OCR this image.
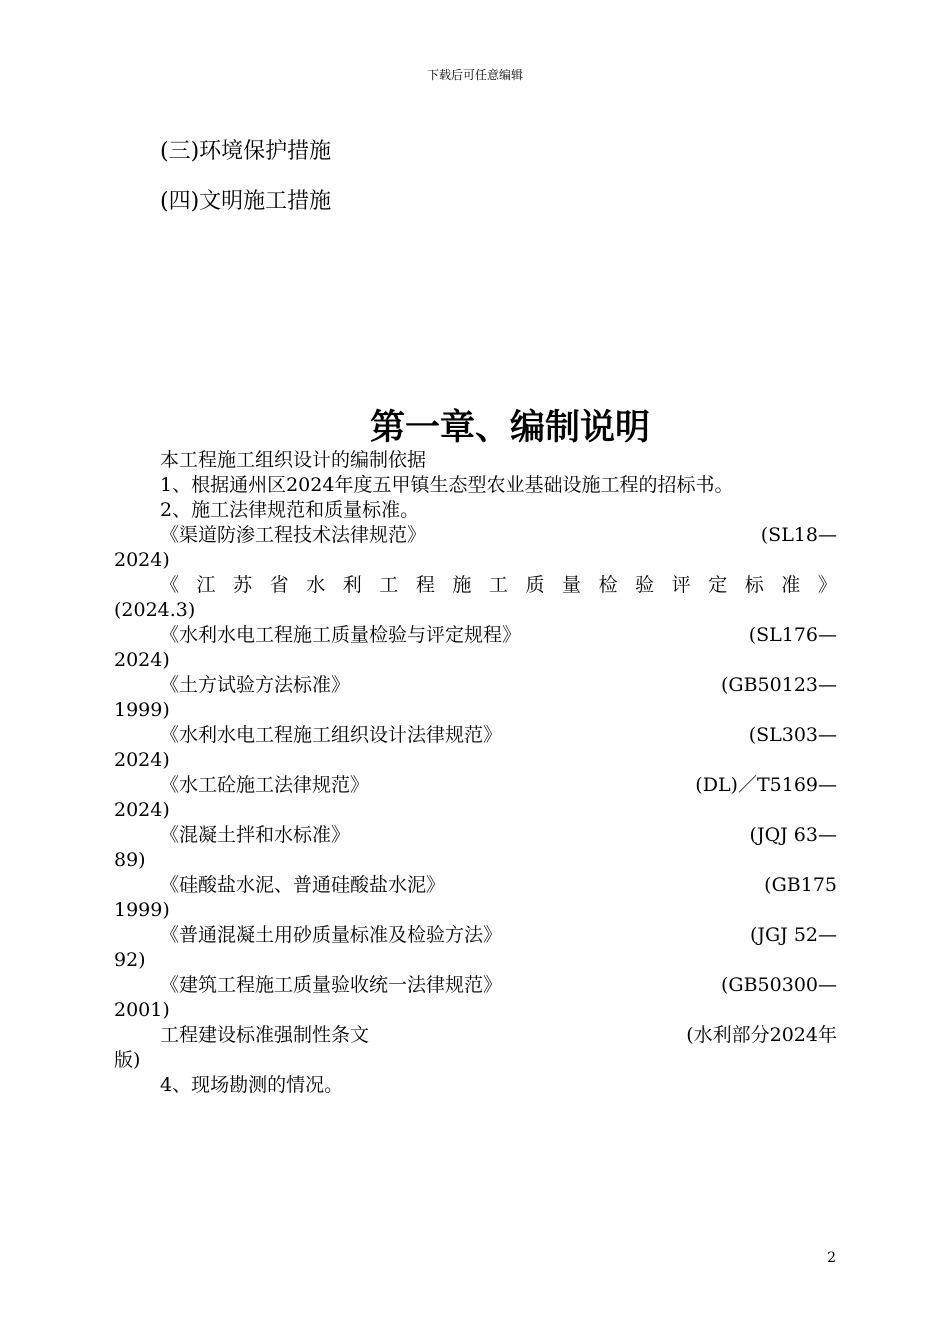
下载后可任意编辑
(三)环境保护措施
(四)文明施工措施
第一章、编制说明
本工程施工组织设计的编制依据
1、根据通州区2024年度五甲镇生态型农业基础设施工程的招标书。
2、施工法律规范和质量标准。
《渠道防渗工程技术法律规范》	(SL18—
2024)
《 江 苏 省 水 利 工 程 施 工 质 量 检 验 评 定 标 准 》
(2024.3)
《水利水电工程施工质量检验与评定规程》	(SL176—
2024)
《土方试验方法标准》	(GB50123—
1999)
《水利水电工程施工组织设计法律规范》	(SL303—
2024)
《水工砼施工法律规范》	(DL)／T5169—
2024)
《混凝土拌和水标准》	(JQJ 63—
89)
《硅酸盐水泥、普通硅酸盐水泥》	(GB175
1999)
《普通混凝土用砂质量标准及检验方法》	(JGJ 52—
92)
《建筑工程施工质量验收统一法律规范》	(GB50300—
2001)
工程建设标准强制性条文	(水利部分2024年
版)
4、现场勘测的情况。
2
